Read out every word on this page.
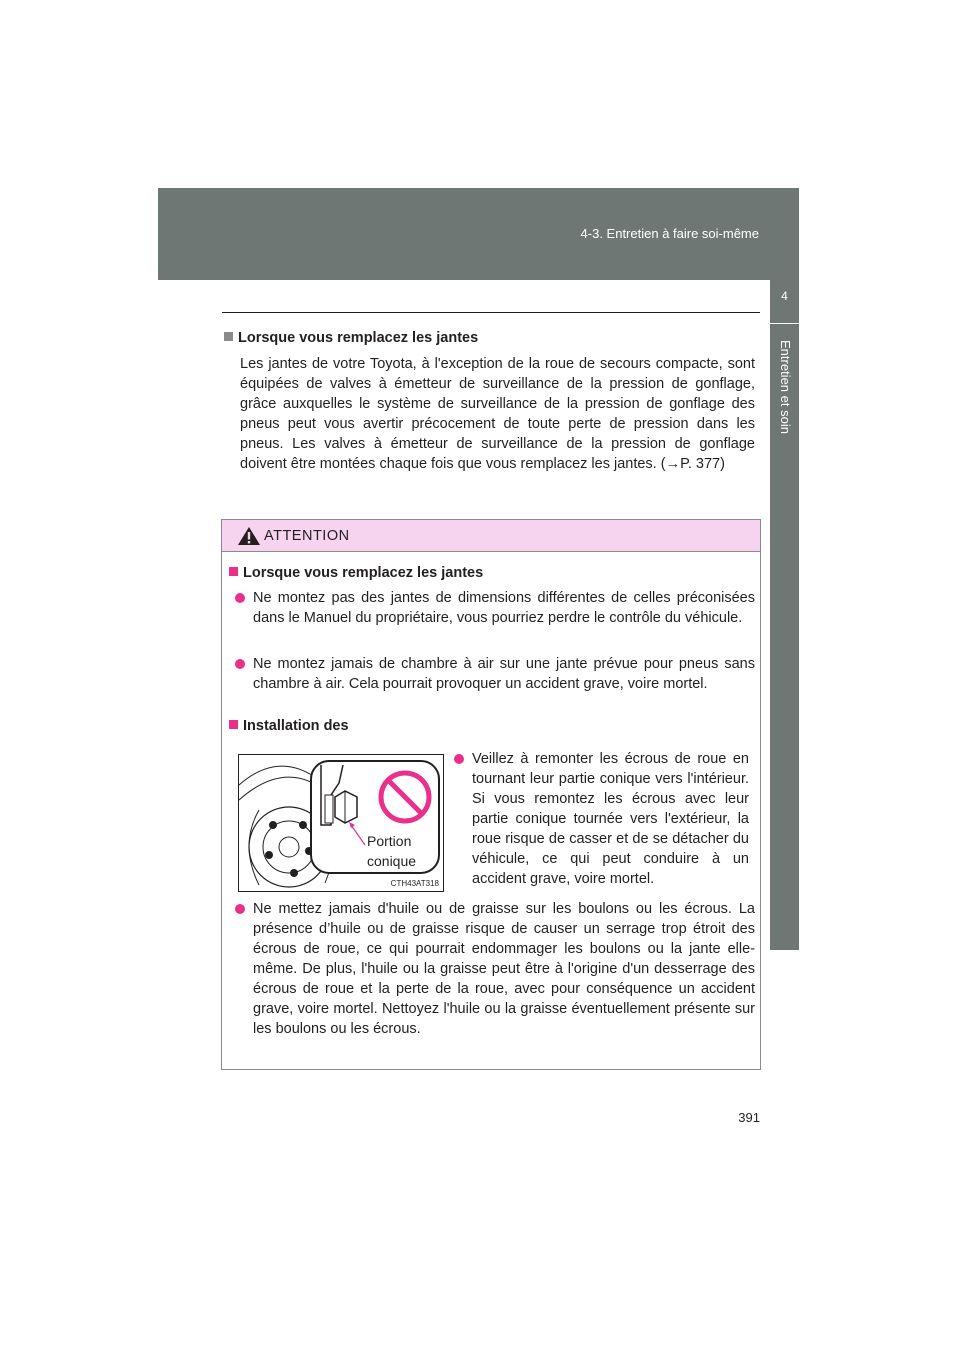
4-3. Entretien à faire soi-même
4
Entretien et soin
Lorsque vous remplacez les jantes
Les jantes de votre Toyota, à l'exception de la roue de secours compacte, sont équipées de valves à émetteur de surveillance de la pression de gonflage, grâce auxquelles le système de surveillance de la pression de gonflage des pneus peut vous avertir précocement de toute perte de pression dans les pneus. Les valves à émetteur de surveillance de la pression de gonflage doivent être montées chaque fois que vous remplacez les jantes. (→P. 377)
ATTENTION
Lorsque vous remplacez les jantes
Ne montez pas des jantes de dimensions différentes de celles préconisées dans le Manuel du propriétaire, vous pourriez perdre le contrôle du véhicule.
Ne montez jamais de chambre à air sur une jante prévue pour pneus sans chambre à air. Cela pourrait provoquer un accident grave, voire mortel.
Installation des
Portion
conique
CTH43AT318
Veillez à remonter les écrous de roue en tournant leur partie conique vers l'intérieur. Si vous remontez les écrous avec leur partie conique tournée vers l'extérieur, la roue risque de casser et de se détacher du véhicule, ce qui peut conduire à un accident grave, voire mortel.
Ne mettez jamais d'huile ou de graisse sur les boulons ou les écrous. La présence d’huile ou de graisse risque de causer un serrage trop étroit des écrous de roue, ce qui pourrait endommager les boulons ou la jante elle-même. De plus, l'huile ou la graisse peut être à l'origine d'un desserrage des écrous de roue et la perte de la roue, avec pour conséquence un accident grave, voire mortel. Nettoyez l'huile ou la graisse éventuellement présente sur les boulons ou les écrous.
391
